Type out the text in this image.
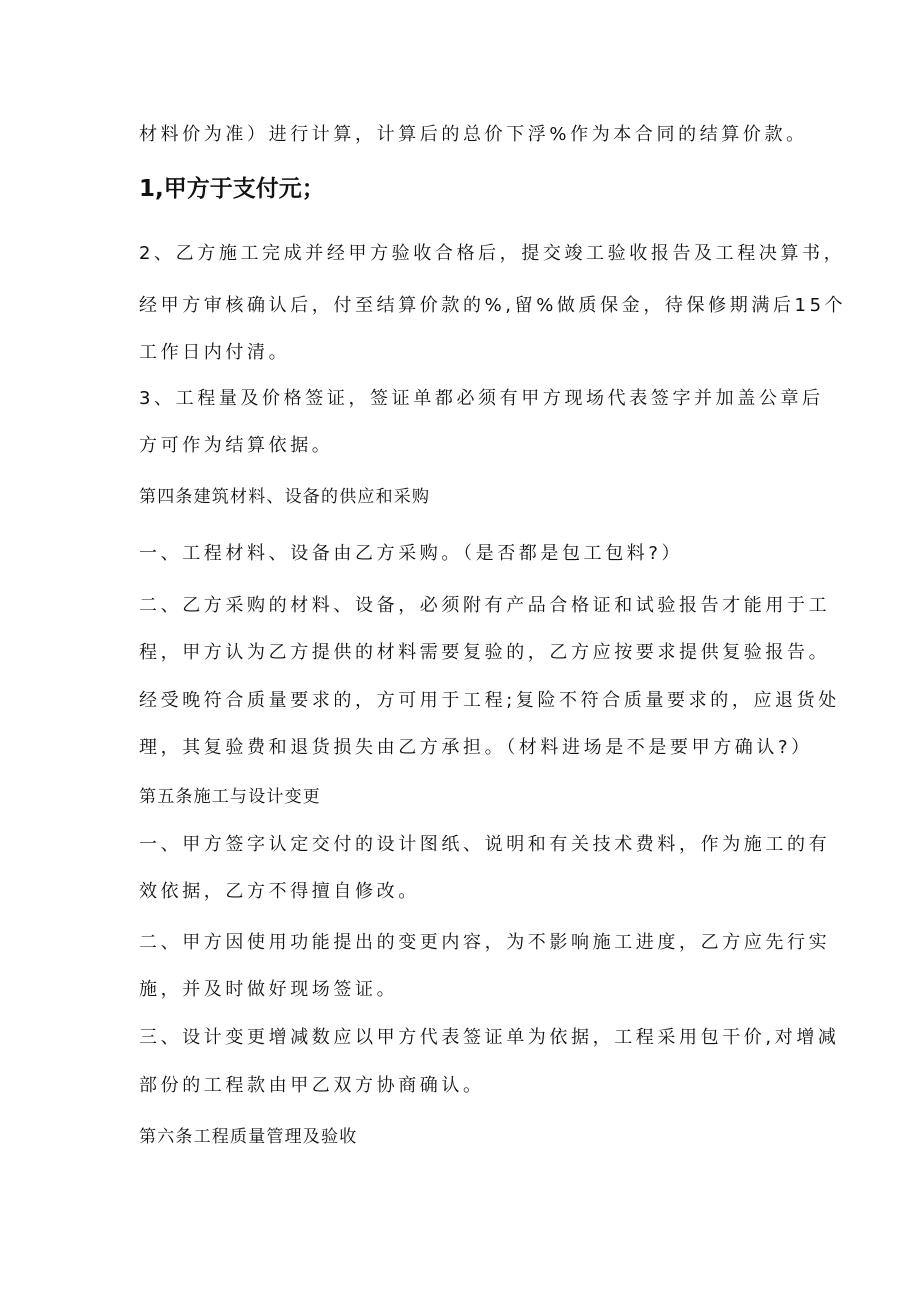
材料价为准）进行计算，计算后的总价下浮%作为本合同的结算价款。
1,甲方于支付元；
2、乙方施工完成并经甲方验收合格后，提交竣工验收报告及工程决算书，
经甲方审核确认后，付至结算价款的%,留%做质保金，待保修期满后15个
工作日内付清。
3、工程量及价格签证，签证单都必须有甲方现场代表签字并加盖公章后
方可作为结算依据。
第四条建筑材料、设备的供应和采购
一、工程材料、设备由乙方采购。（是否都是包工包料?）
二、乙方采购的材料、设备，必须附有产品合格证和试验报告才能用于工
程，甲方认为乙方提供的材料需要复验的，乙方应按要求提供复验报告。
经受晚符合质量要求的，方可用于工程;复险不符合质量要求的，应退货处
理，其复验费和退货损失由乙方承担。（材料进场是不是要甲方确认?）
第五条施工与设计变更
一、甲方签字认定交付的设计图纸、说明和有关技术费料，作为施工的有
效依据，乙方不得擅自修改。
二、甲方因使用功能提出的变更内容，为不影响施工进度，乙方应先行实
施，并及时做好现场签证。
三、设计变更增减数应以甲方代表签证单为依据，工程采用包干价,对增减
部份的工程款由甲乙双方协商确认。
第六条工程质量管理及验收
